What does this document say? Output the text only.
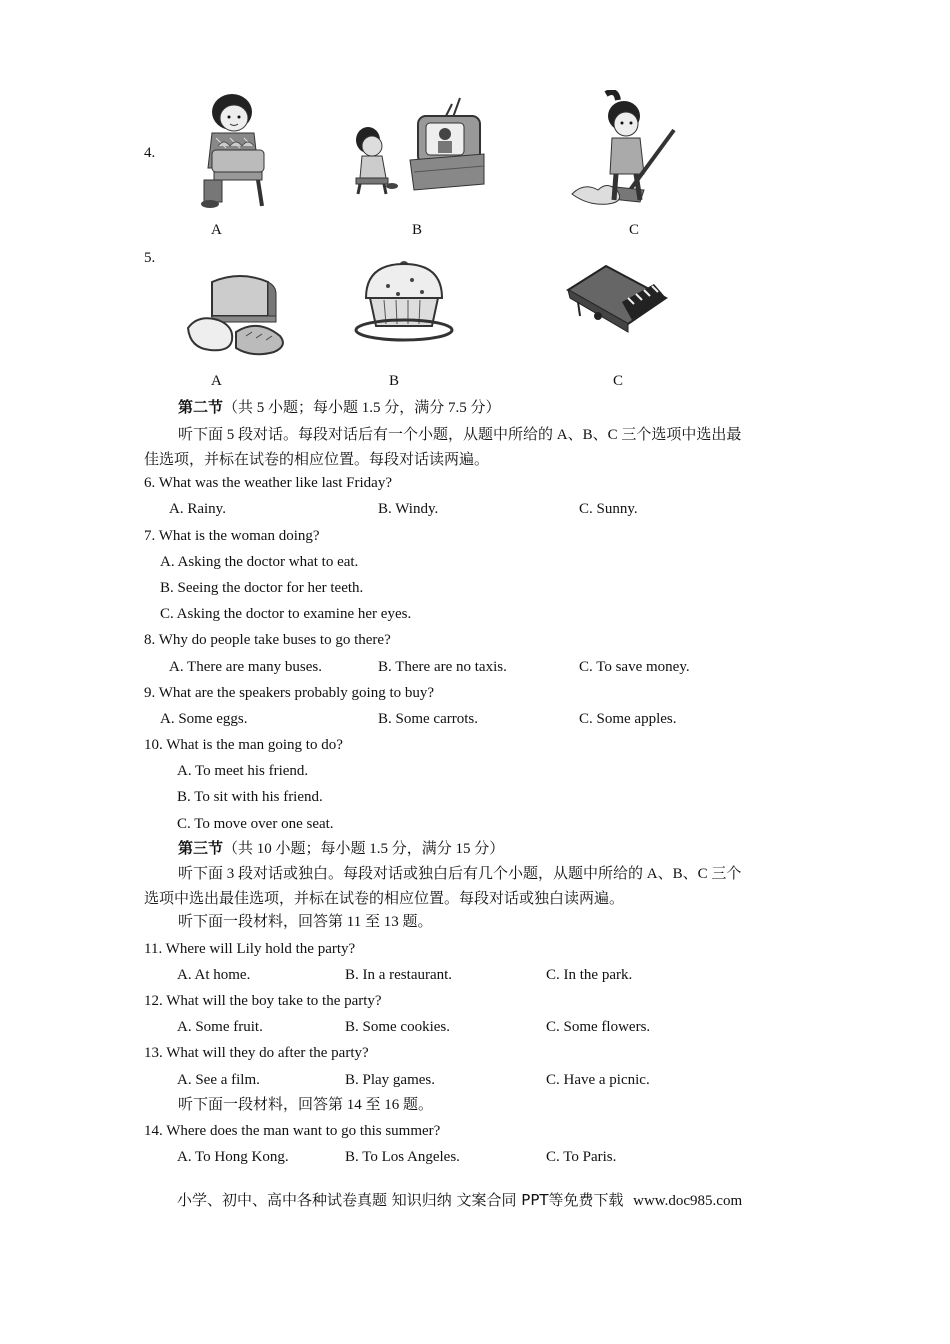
4.
A	B	C
5.
A	B	C
第二节（共 5 小题；每小题 1.5 分，满分 7.5 分）
听下面 5 段对话。每段对话后有一个小题，从题中所给的 A、B、C 三个选项中选出最
佳选项，并标在试卷的相应位置。每段对话读两遍。
6. What was the weather like last Friday?
A. Rainy.	B. Windy.	C. Sunny.
7. What is the woman doing?
A. Asking the doctor what to eat.
B. Seeing the doctor for her teeth.
C. Asking the doctor to examine her eyes.
8. Why do people take buses to go there?
A. There are many buses.	B. There are no taxis.	C. To save money.
9. What are the speakers probably going to buy?
A. Some eggs.	B. Some carrots.	C. Some apples.
10. What is the man going to do?
A. To meet his friend.
B. To sit with his friend.
C. To move over one seat.
第三节（共 10 小题；每小题 1.5 分，满分 15 分）
听下面 3 段对话或独白。每段对话或独白后有几个小题，从题中所给的 A、B、C 三个
选项中选出最佳选项，并标在试卷的相应位置。每段对话或独白读两遍。
听下面一段材料，回答第 11 至 13 题。
11. Where will Lily hold the party?
A. At home.	B. In a restaurant.	C. In the park.
12. What will the boy take to the party?
A. Some fruit.	B. Some cookies.	C. Some flowers.
13. What will they do after the party?
A. See a film.	B. Play games.	C. Have a picnic.
听下面一段材料，回答第 14 至 16 题。
14. Where does the man want to go this summer?
A. To Hong Kong.	B. To Los Angeles.	C. To Paris.
小学、初中、高中各种试卷真题 知识归纳 文案合同 PPT等免费下载 www.doc985.com
